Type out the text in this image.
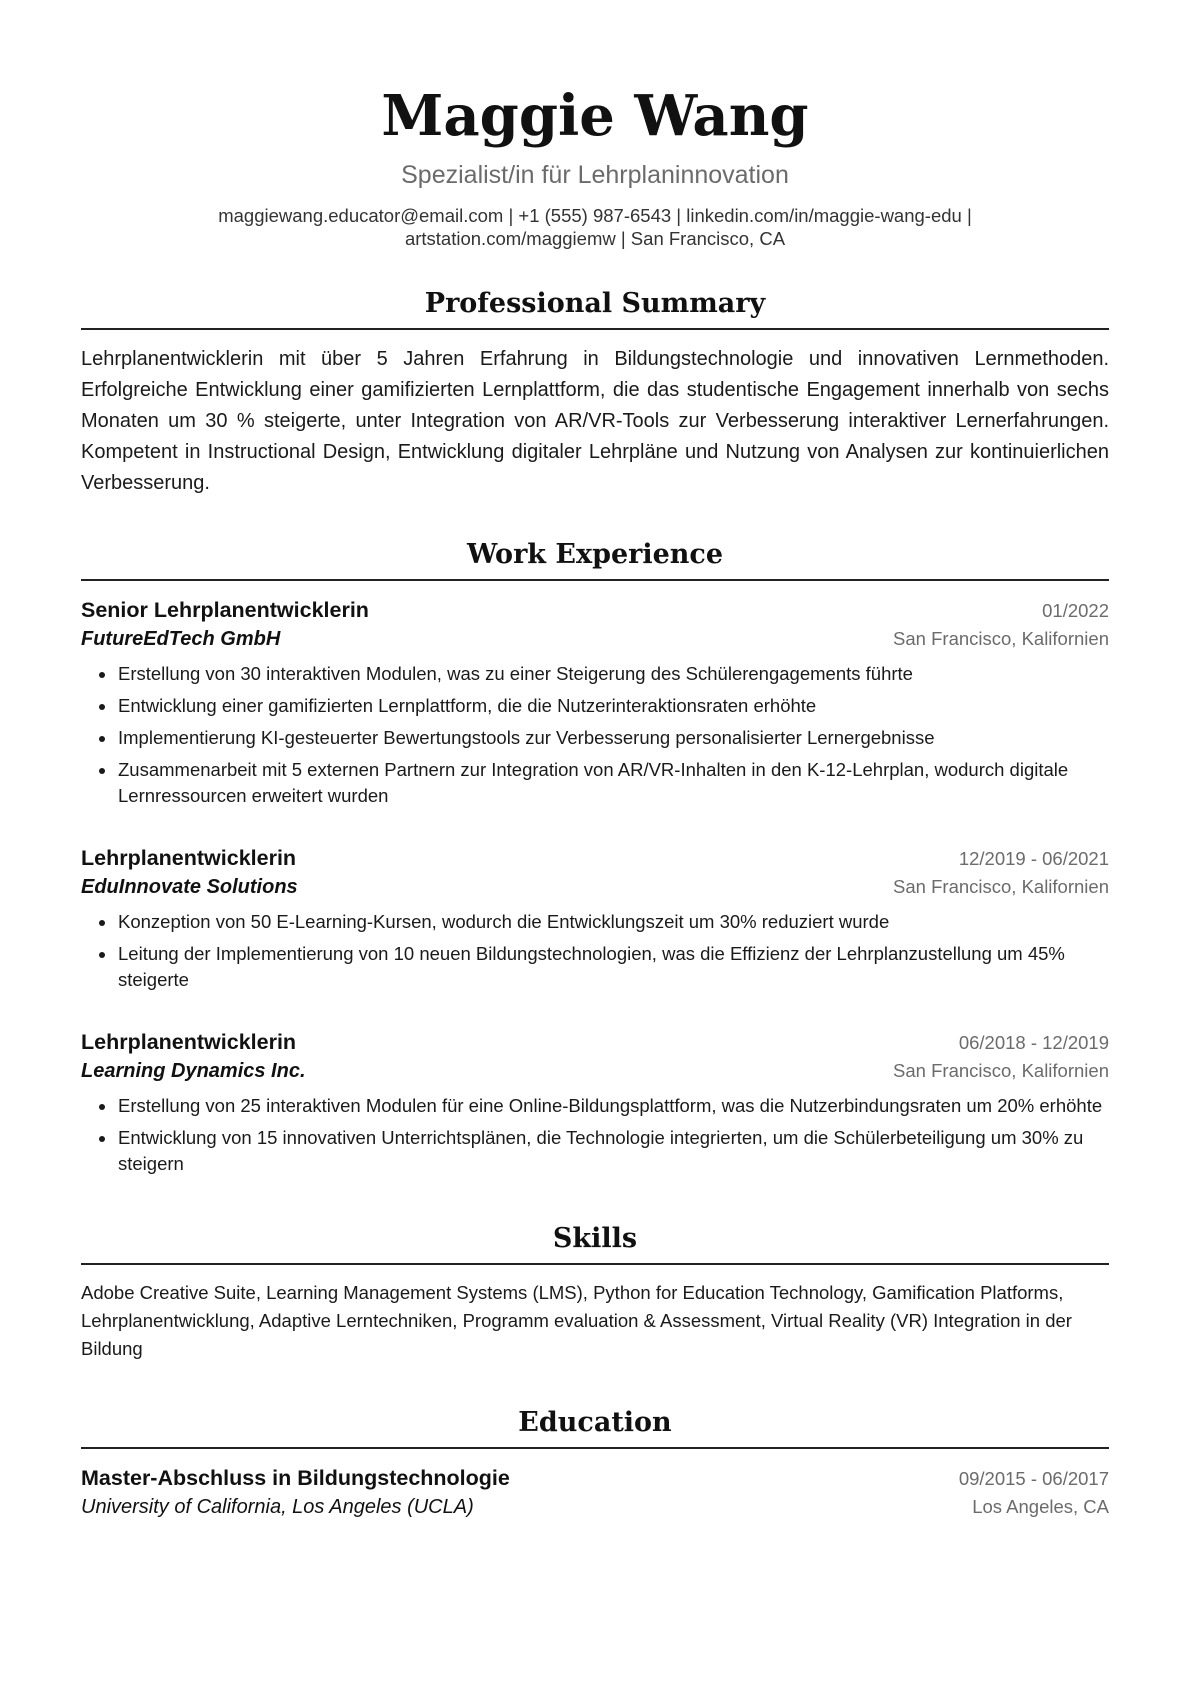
Maggie Wang
Spezialist/in für Lehrplaninnovation
maggiewang.educator@email.com | +1 (555) 987-6543 | linkedin.com/in/maggie-wang-edu |
artstation.com/maggiemw | San Francisco, CA
Professional Summary
Lehrplanentwicklerin mit über 5 Jahren Erfahrung in Bildungstechnologie und innovativen Lernmethoden. Erfolgreiche Entwicklung einer gamifizierten Lernplattform, die das studentische Engagement innerhalb von sechs Monaten um 30 % steigerte, unter Integration von AR/VR-Tools zur Verbesserung interaktiver Lernerfahrungen. Kompetent in Instructional Design, Entwicklung digitaler Lehrpläne und Nutzung von Analysen zur kontinuierlichen Verbesserung.
Work Experience
Senior Lehrplanentwicklerin	01/2022
FutureEdTech GmbH	San Francisco, Kalifornien
• Erstellung von 30 interaktiven Modulen, was zu einer Steigerung des Schülerengagements führte
• Entwicklung einer gamifizierten Lernplattform, die die Nutzerinteraktionsraten erhöhte
• Implementierung KI-gesteuerter Bewertungstools zur Verbesserung personalisierter Lernergebnisse
• Zusammenarbeit mit 5 externen Partnern zur Integration von AR/VR-Inhalten in den K-12-Lehrplan, wodurch digitale Lernressourcen erweitert wurden
Lehrplanentwicklerin	12/2019 - 06/2021
EduInnovate Solutions	San Francisco, Kalifornien
• Konzeption von 50 E-Learning-Kursen, wodurch die Entwicklungszeit um 30% reduziert wurde
• Leitung der Implementierung von 10 neuen Bildungstechnologien, was die Effizienz der Lehrplanzustellung um 45% steigerte
Lehrplanentwicklerin	06/2018 - 12/2019
Learning Dynamics Inc.	San Francisco, Kalifornien
• Erstellung von 25 interaktiven Modulen für eine Online-Bildungsplattform, was die Nutzerbindungsraten um 20% erhöhte
• Entwicklung von 15 innovativen Unterrichtsplänen, die Technologie integrierten, um die Schülerbeteiligung um 30% zu steigern
Skills
Adobe Creative Suite, Learning Management Systems (LMS), Python for Education Technology, Gamification Platforms, Lehrplanentwicklung, Adaptive Lerntechniken, Programm evaluation & Assessment, Virtual Reality (VR) Integration in der Bildung
Education
Master-Abschluss in Bildungstechnologie	09/2015 - 06/2017
University of California, Los Angeles (UCLA)	Los Angeles, CA
